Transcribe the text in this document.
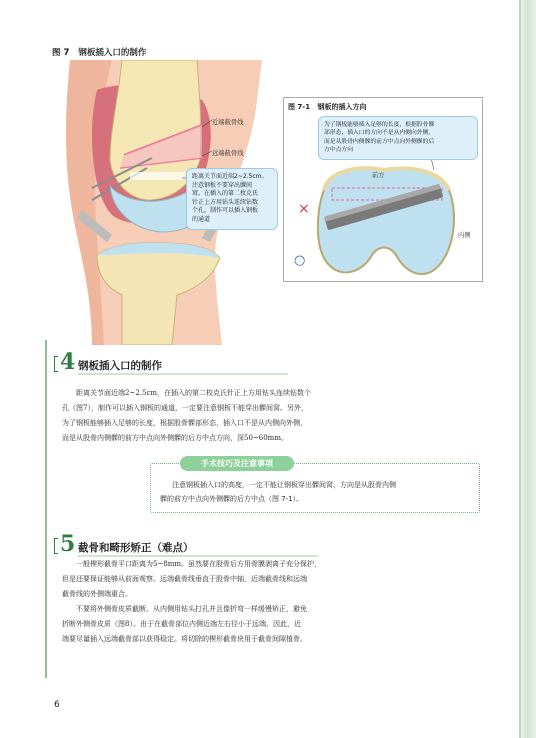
图 7 钢板插入口的制作
近端截骨线
远端截骨线
距离关节面近端2~2.5cm。
注意钢板不要穿出髁间
窝。在插入的第二枚克氏
针正上方用钻头连续钻数
个孔，制作可以插入钢板
的通道
图 7-1 钢板的插入方向
为了钢板能够插入足够的长度，根据股骨髁
部形态，插入口的方向不是从内侧向外侧，
而是从股骨内侧髁的前方中点向外侧髁的后
方中点方向
前方
内侧
×
○
4 钢板插入口的制作
距离关节面近端2~2.5cm，在插入的第二枚克氏针正上方用钻头连续钻数个
孔（图7），制作可以插入钢板的通道，一定要注意钢板不能穿出髁间窝。另外，
为了钢板能够插入足够的长度，根据股骨髁部形态，插入口不是从内侧向外侧，
而是从股骨内侧髁的前方中点向外侧髁的后方中点方向，深50~60mm。
手术技巧及注意事项
注意钢板插入口的高度，一定不能让钢板穿出髁间窝，方向是从股骨内侧
髁的前方中点向外侧髁的后方中点（图 7-1）。
5 截骨和畸形矫正（难点）
一般楔形截骨平口距离为5~8mm。虽然要在股骨后方用骨膜剥离子充分保护，
但是还要保证能够从前面观察。远端截骨线垂直于股骨中轴，近端截骨线和远端
截骨线的外侧端重合。
不要将外侧骨皮质截断。从内侧用钻头打孔并且像折弯一样缓慢矫正，避免
折断外侧骨皮质（图8）。由于在截骨部位内侧近端左右径小于远端，因此，近
端要尽量插入远端截骨部以获得稳定。将切除的楔形截骨块用于截骨间隙植骨。
6
